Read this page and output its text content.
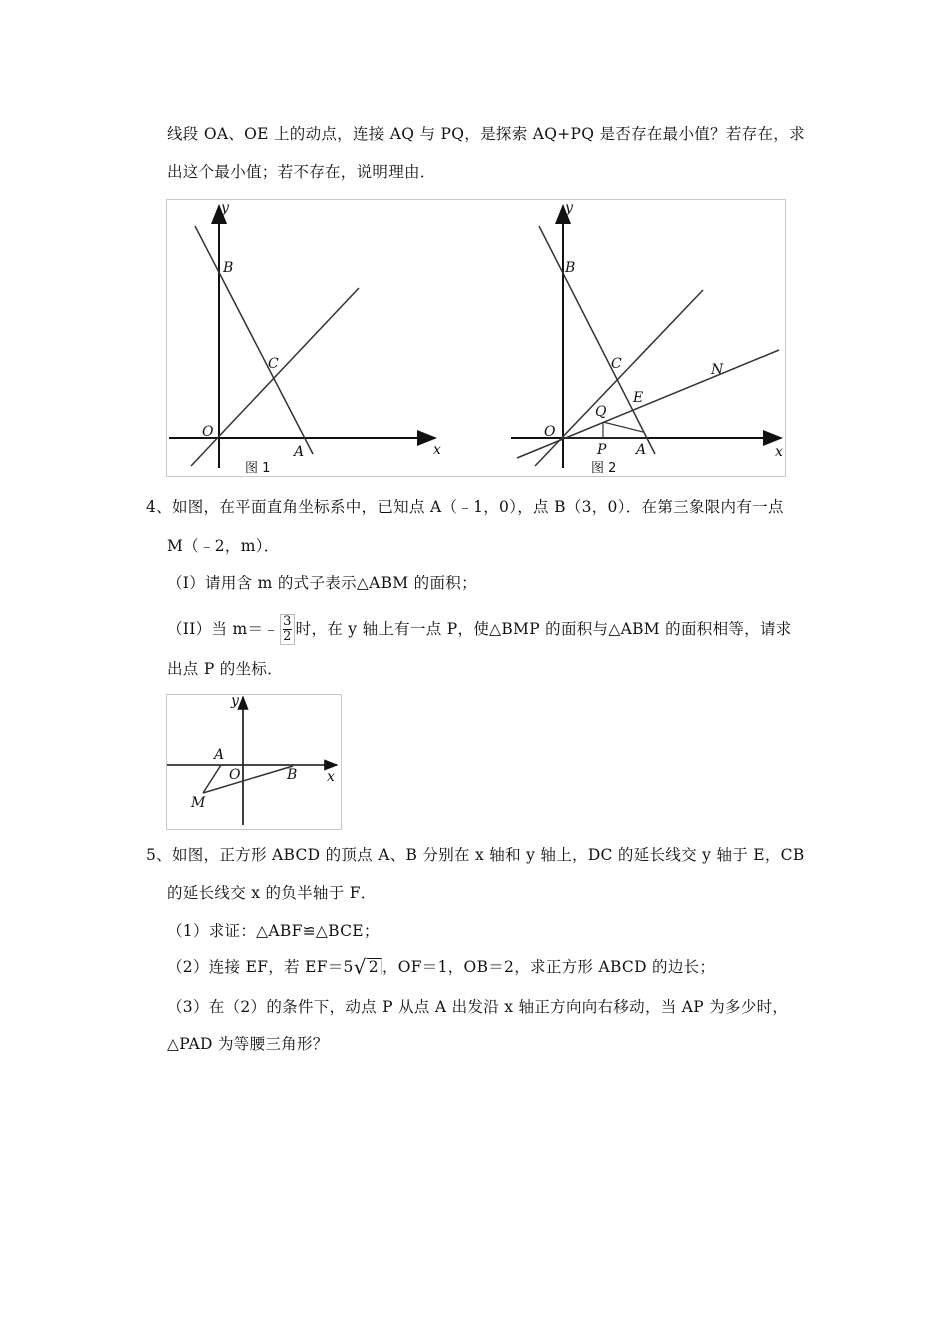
线段 OA、OE 上的动点，连接 AQ 与 PQ，是探索 AQ+PQ 是否存在最小值？若存在，求
出这个最小值；若不存在，说明理由．
y
x
O
B
C
A
图 1
y
x
O
B
C
E
N
Q
P A
图 2
4、如图，在平面直角坐标系中，已知点 A（﹣1，0），点 B（3，0）．在第三象限内有一点
M（﹣2，m）．
（I）请用含 m 的式子表示△ABM 的面积；
（II）当 m＝﹣ $\frac{3}{2}$ 时，在 y 轴上有一点 P，使△BMP 的面积与△ABM 的面积相等，请求
出点 P 的坐标．
y
x
A
O	B
M
5、如图，正方形 ABCD 的顶点 A、B 分别在 x 轴和 y 轴上，DC 的延长线交 y 轴于 E，CB
的延长线交 x 的负半轴于 F．
（1）求证：△ABF≌△BCE；
（2）连接 EF，若 EF＝5√ 2 ，OF＝1，OB＝2，求正方形 ABCD 的边长；
（3）在（2）的条件下，动点 P 从点 A 出发沿 x 轴正方向向右移动，当 AP 为多少时，
△PAD 为等腰三角形？
